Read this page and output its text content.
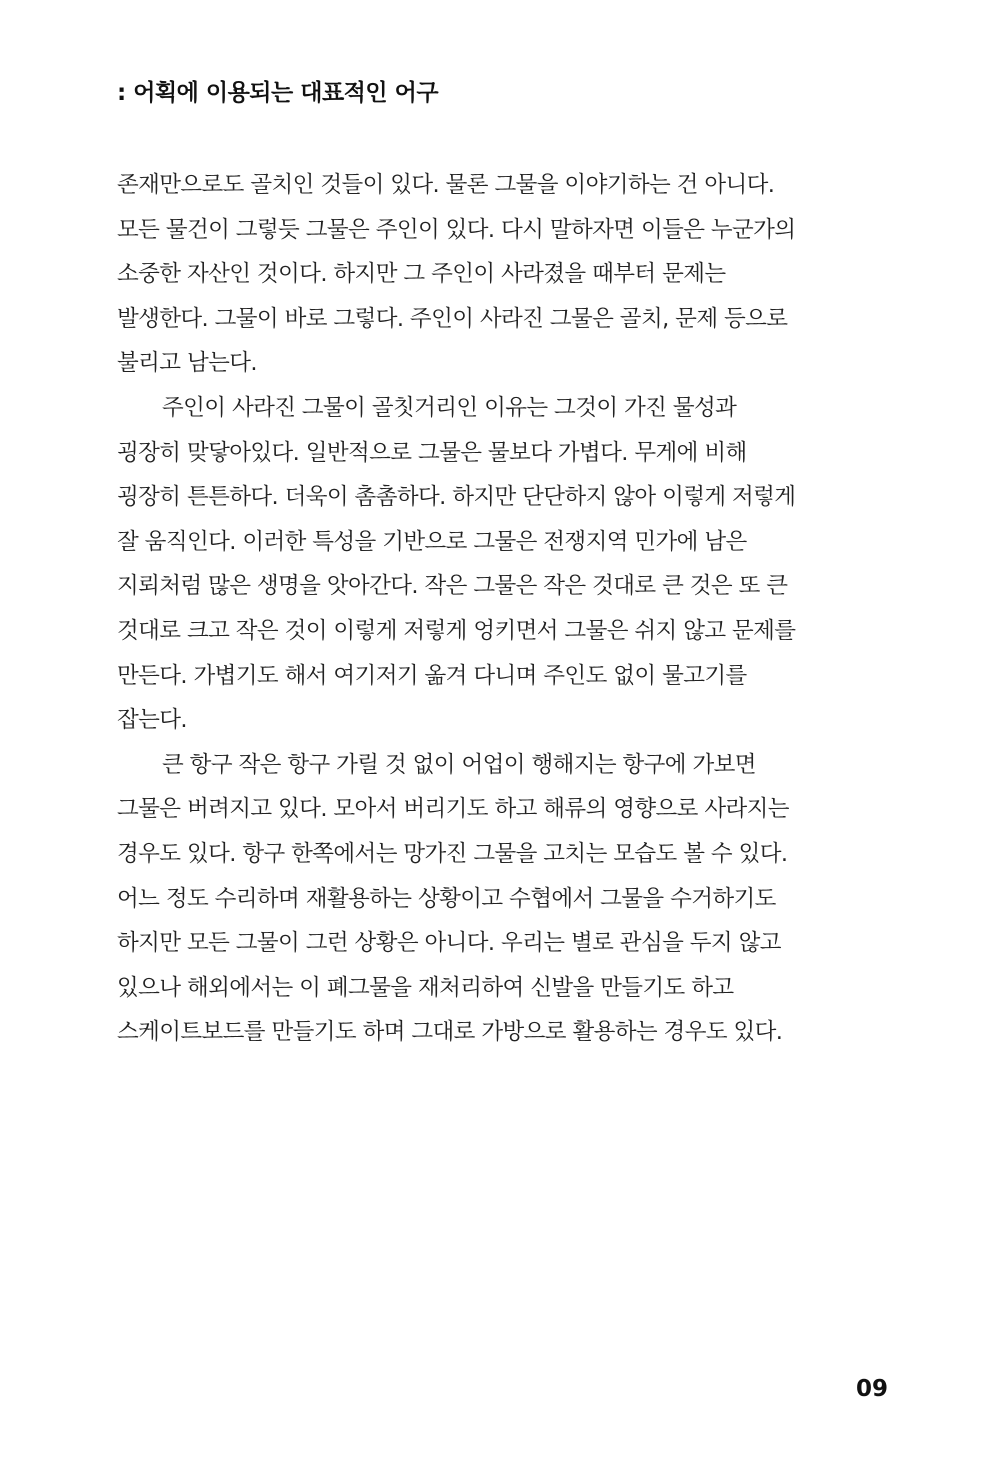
: 어획에 이용되는 대표적인 어구
존재만으로도 골치인 것들이 있다. 물론 그물을 이야기하는 건 아니다.
모든 물건이 그렇듯 그물은 주인이 있다. 다시 말하자면 이들은 누군가의
소중한 자산인 것이다. 하지만 그 주인이 사라졌을 때부터 문제는
발생한다. 그물이 바로 그렇다. 주인이 사라진 그물은 골치, 문제 등으로
불리고 남는다.
주인이 사라진 그물이 골칫거리인 이유는 그것이 가진 물성과
굉장히 맞닿아있다. 일반적으로 그물은 물보다 가볍다. 무게에 비해
굉장히 튼튼하다. 더욱이 촘촘하다. 하지만 단단하지 않아 이렇게 저렇게
잘 움직인다. 이러한 특성을 기반으로 그물은 전쟁지역 민가에 남은
지뢰처럼 많은 생명을 앗아간다. 작은 그물은 작은 것대로 큰 것은 또 큰
것대로 크고 작은 것이 이렇게 저렇게 엉키면서 그물은 쉬지 않고 문제를
만든다. 가볍기도 해서 여기저기 옮겨 다니며 주인도 없이 물고기를
잡는다.
큰 항구 작은 항구 가릴 것 없이 어업이 행해지는 항구에 가보면
그물은 버려지고 있다. 모아서 버리기도 하고 해류의 영향으로 사라지는
경우도 있다. 항구 한쪽에서는 망가진 그물을 고치는 모습도 볼 수 있다.
어느 정도 수리하며 재활용하는 상황이고 수협에서 그물을 수거하기도
하지만 모든 그물이 그런 상황은 아니다. 우리는 별로 관심을 두지 않고
있으나 해외에서는 이 폐그물을 재처리하여 신발을 만들기도 하고
스케이트보드를 만들기도 하며 그대로 가방으로 활용하는 경우도 있다.
09
